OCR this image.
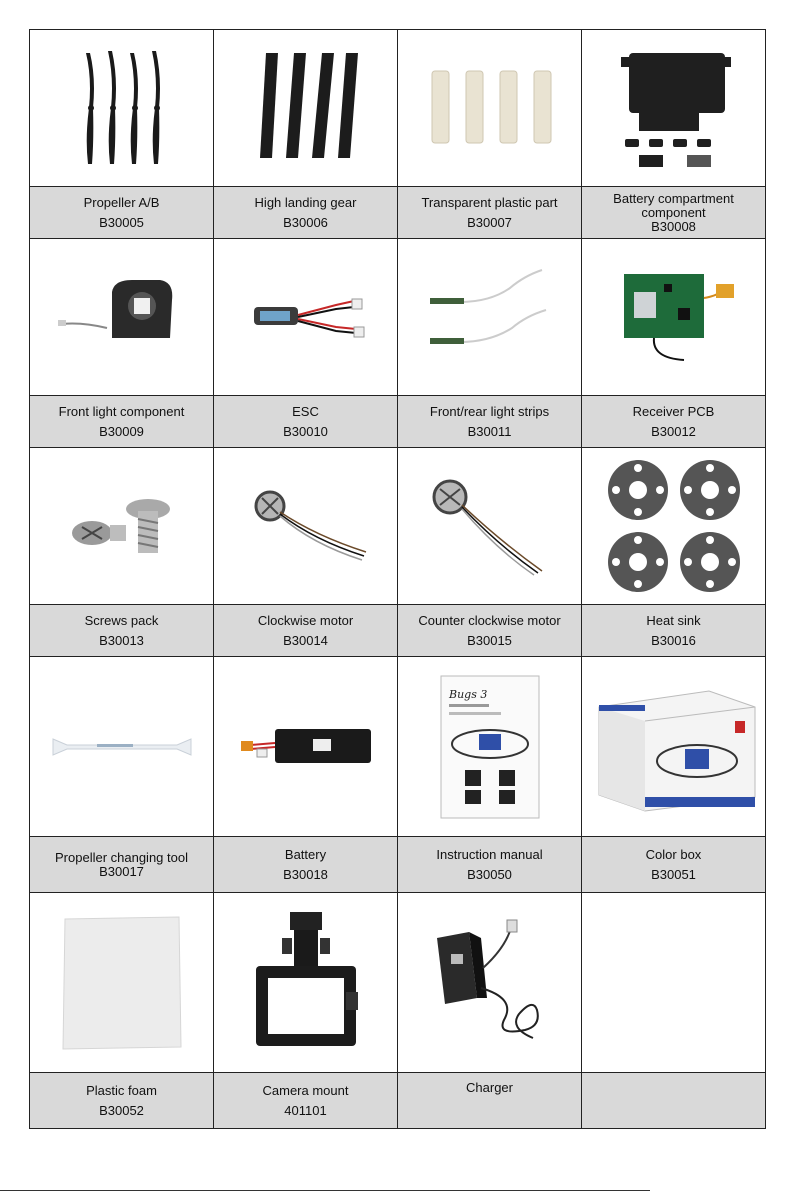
Propeller A/B
B30005
High landing gear
B30006
Transparent plastic part
B30007
Battery compartment component
B30008
Front light component
B30009
ESC
B30010
Front/rear light strips
B30011
Receiver PCB
B30012
Screws pack
B30013
Clockwise motor
B30014
Counter clockwise motor
B30015
Heat sink
B30016
Propeller changing tool
B30017
Battery
B30018
Bugs 3
Instruction manual
B30050
Color box
B30051
Plastic foam
B30052
Camera mount
401101
Charger
